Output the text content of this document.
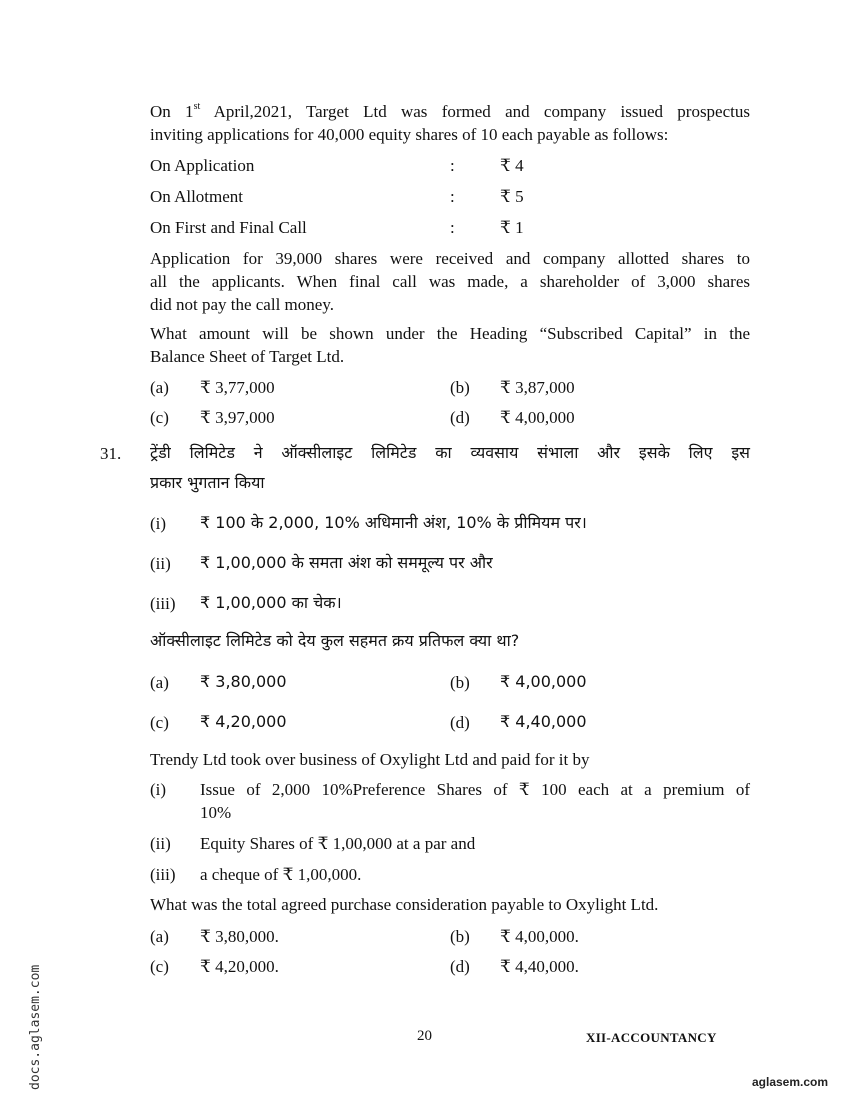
On 1st April,2021, Target Ltd was formed and company issued prospectus
inviting applications for 40,000 equity shares of 10 each payable as follows:
On Application	:	₹ 4
On Allotment	:	₹ 5
On First and Final Call	:	₹ 1
Application for 39,000 shares were received and company allotted shares to
all the applicants. When final call was made, a shareholder of 3,000 shares
did not pay the call money.
What amount will be shown under the Heading “Subscribed Capital” in the
Balance Sheet of Target Ltd.
(a) ₹ 3,77,000	(b) ₹ 3,87,000
(c) ₹ 3,97,000	(d) ₹ 4,00,000
31. ट्रेंडी लिमिटेड ने ऑक्सीलाइट लिमिटेड का व्यवसाय संभाला और इसके लिए इस
प्रकार भुगतान किया
(i) ₹ 100 के 2,000, 10% अधिमानी अंश, 10% के प्रीमियम पर।
(ii) ₹ 1,00,000 के समता अंश को सममूल्य पर और
(iii) ₹ 1,00,000 का चेक।
ऑक्सीलाइट लिमिटेड को देय कुल सहमत क्रय प्रतिफल क्या था?
(a) ₹ 3,80,000	(b) ₹ 4,00,000
(c) ₹ 4,20,000	(d) ₹ 4,40,000
Trendy Ltd took over business of Oxylight Ltd and paid for it by
(i) Issue of 2,000 10%Preference Shares of ₹ 100 each at a premium of
10%
(ii) Equity Shares of ₹ 1,00,000 at a par and
(iii) a cheque of ₹ 1,00,000.
What was the total agreed purchase consideration payable to Oxylight Ltd.
(a) ₹ 3,80,000.	(b) ₹ 4,00,000.
(c) ₹ 4,20,000.	(d) ₹ 4,40,000.
20	XII-ACCOUNTANCY
docs.aglasem.com	aglasem.com
